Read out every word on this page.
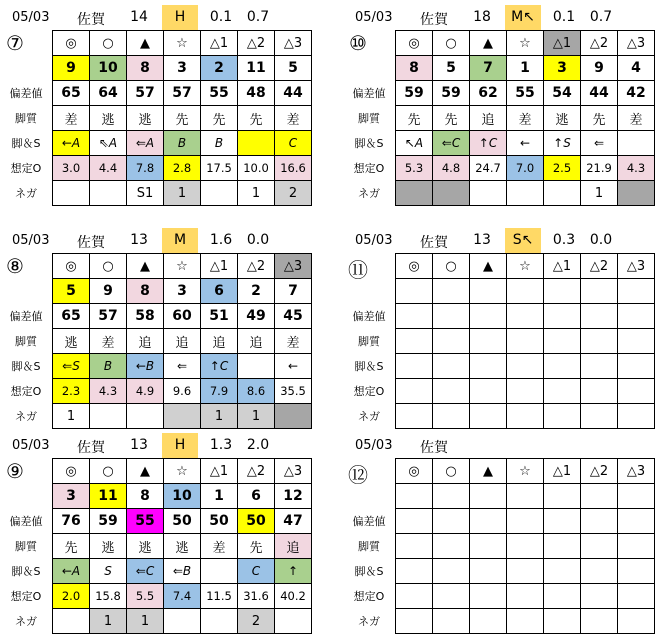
05/03 佐賀	14	H	0.1	0.7
⑦
偏差値
脚質
脚＆S
想定O
ネガ
◎	○	▲	☆	△1	△2	△3
9	10	8	3	2	11	5
65	64	57	57	55	48	44
差	逃	逃	先	先	先	差
←A	⇖A	⇐A	B	B		C
3.0	4.4	7.8	2.8	17.5	10.0	16.6
		S1	1		1	2
05/03 佐賀	18	M↖	0.1	0.7
⑩
偏差値
脚質
脚＆S
想定O
ネガ
◎	○	▲	☆	△1	△2	△3
8	5	7	1	3	9	4
59	59	62	55	54	44	42
先	先	追	差	逃	先	差
↖A	⇐C	↑C	←	↑S	⇐	
5.3	4.8	24.7	7.0	2.5	21.9	4.3
					1	
05/03 佐賀	13	M	1.6	0.0
⑧
偏差値
脚質
脚＆S
想定O
ネガ
◎	○	▲	☆	△1	△2	△3
5	9	8	3	6	2	7
65	57	58	60	51	49	45
逃	差	追	追	追	追	差
⇐S	B	←B	⇐	↑C		←
2.3	4.3	4.9	9.6	7.9	8.6	35.5
1				1	1	
05/03 佐賀	13	S↖	0.3	0.0
⑪
偏差値
脚質
脚＆S
想定O
ネガ
◎	○	▲	☆	△1	△2	△3

05/03 佐賀	13	H	1.3	2.0
⑨
偏差値
脚質
脚＆S
想定O
ネガ
◎	○	▲	☆	△1	△2	△3
3	11	8	10	1	6	12
76	59	55	50	50	50	47
先	逃	逃	逃	差	先	追
←A	S	⇐C	⇐B		C	↑
2.0	15.8	5.5	7.4	11.5	31.6	40.2
	1	1			2	
05/03 佐賀
⑫
偏差値
脚質
脚＆S
想定O
ネガ
◎	○	▲	☆	△1	△2	△3
